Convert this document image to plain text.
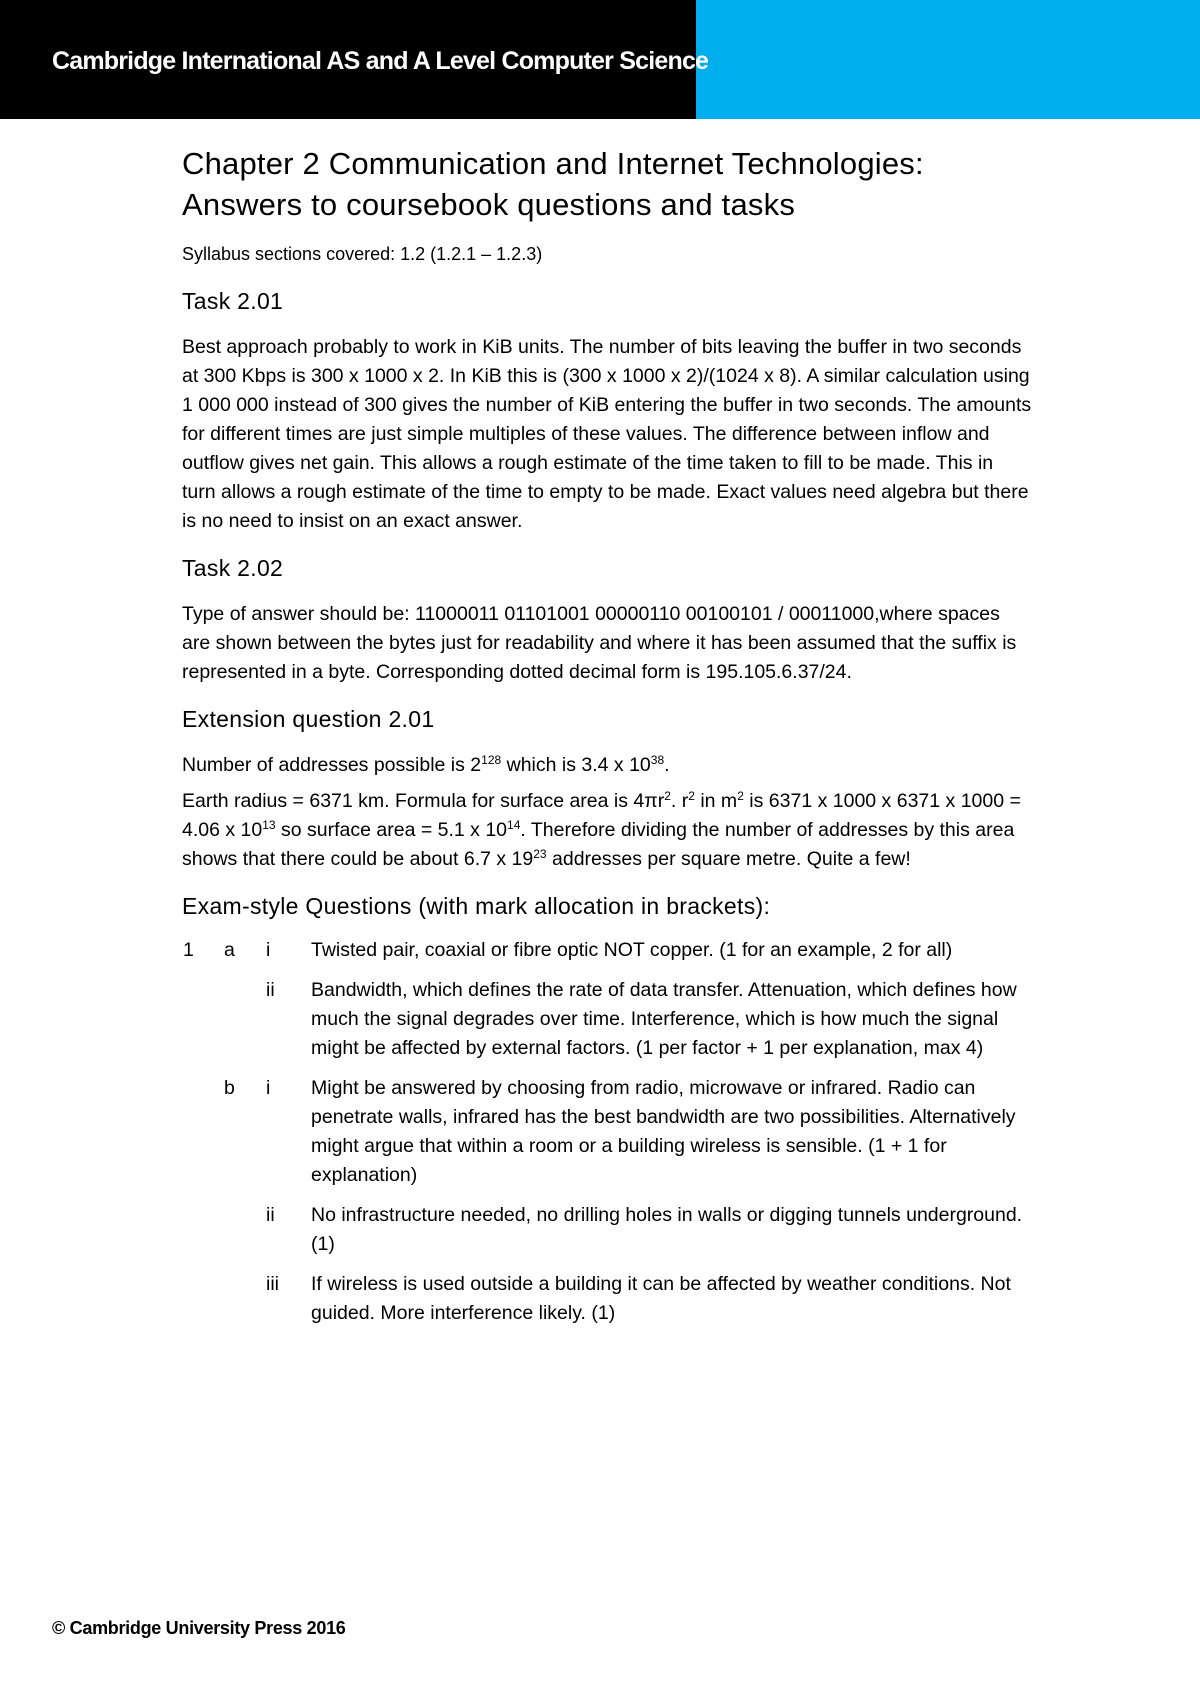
Cambridge International AS and A Level Computer Science
Chapter 2 Communication and Internet Technologies:
Answers to coursebook questions and tasks

Syllabus sections covered: 1.2 (1.2.1 – 1.2.3)

Task 2.01

Best approach probably to work in KiB units. The number of bits leaving the buffer in two seconds at 300 Kbps is 300 x 1000 x 2. In KiB this is (300 x 1000 x 2)/(1024 x 8). A similar calculation using 1 000 000 instead of 300 gives the number of KiB entering the buffer in two seconds. The amounts for different times are just simple multiples of these values. The difference between inflow and outflow gives net gain. This allows a rough estimate of the time taken to fill to be made. This in turn allows a rough estimate of the time to empty to be made. Exact values need algebra but there is no need to insist on an exact answer.

Task 2.02

Type of answer should be: 11000011 01101001 00000110 00100101 / 00011000,where spaces are shown between the bytes just for readability and where it has been assumed that the suffix is represented in a byte. Corresponding dotted decimal form is 195.105.6.37/24.

Extension question 2.01

Number of addresses possible is $2^{128}$ which is 3.4 x $10^{38}$.

Earth radius = 6371 km. Formula for surface area is $4\pi r^2$. $r^2$ in $m^2$ is 6371 x 1000 x 6371 x 1000 = 4.06 x $10^{13}$ so surface area = 5.1 x $10^{14}$. Therefore dividing the number of addresses by this area shows that there could be about 6.7 x $19^{23}$ addresses per square metre. Quite a few!

Exam-style Questions (with mark allocation in brackets):
1 a i Twisted pair, coaxial or fibre optic NOT copper. (1 for an example, 2 for all)

ii Bandwidth, which defines the rate of data transfer. Attenuation, which defines how much the signal degrades over time. Interference, which is how much the signal might be affected by external factors. (1 per factor + 1 per explanation, max 4)

b i Might be answered by choosing from radio, microwave or infrared. Radio can penetrate walls, infrared has the best bandwidth are two possibilities. Alternatively might argue that within a room or a building wireless is sensible. (1 + 1 for explanation)

ii No infrastructure needed, no drilling holes in walls or digging tunnels underground. (1)

iii If wireless is used outside a building it can be affected by weather conditions. Not guided. More interference likely. (1)

© Cambridge University Press 2016
